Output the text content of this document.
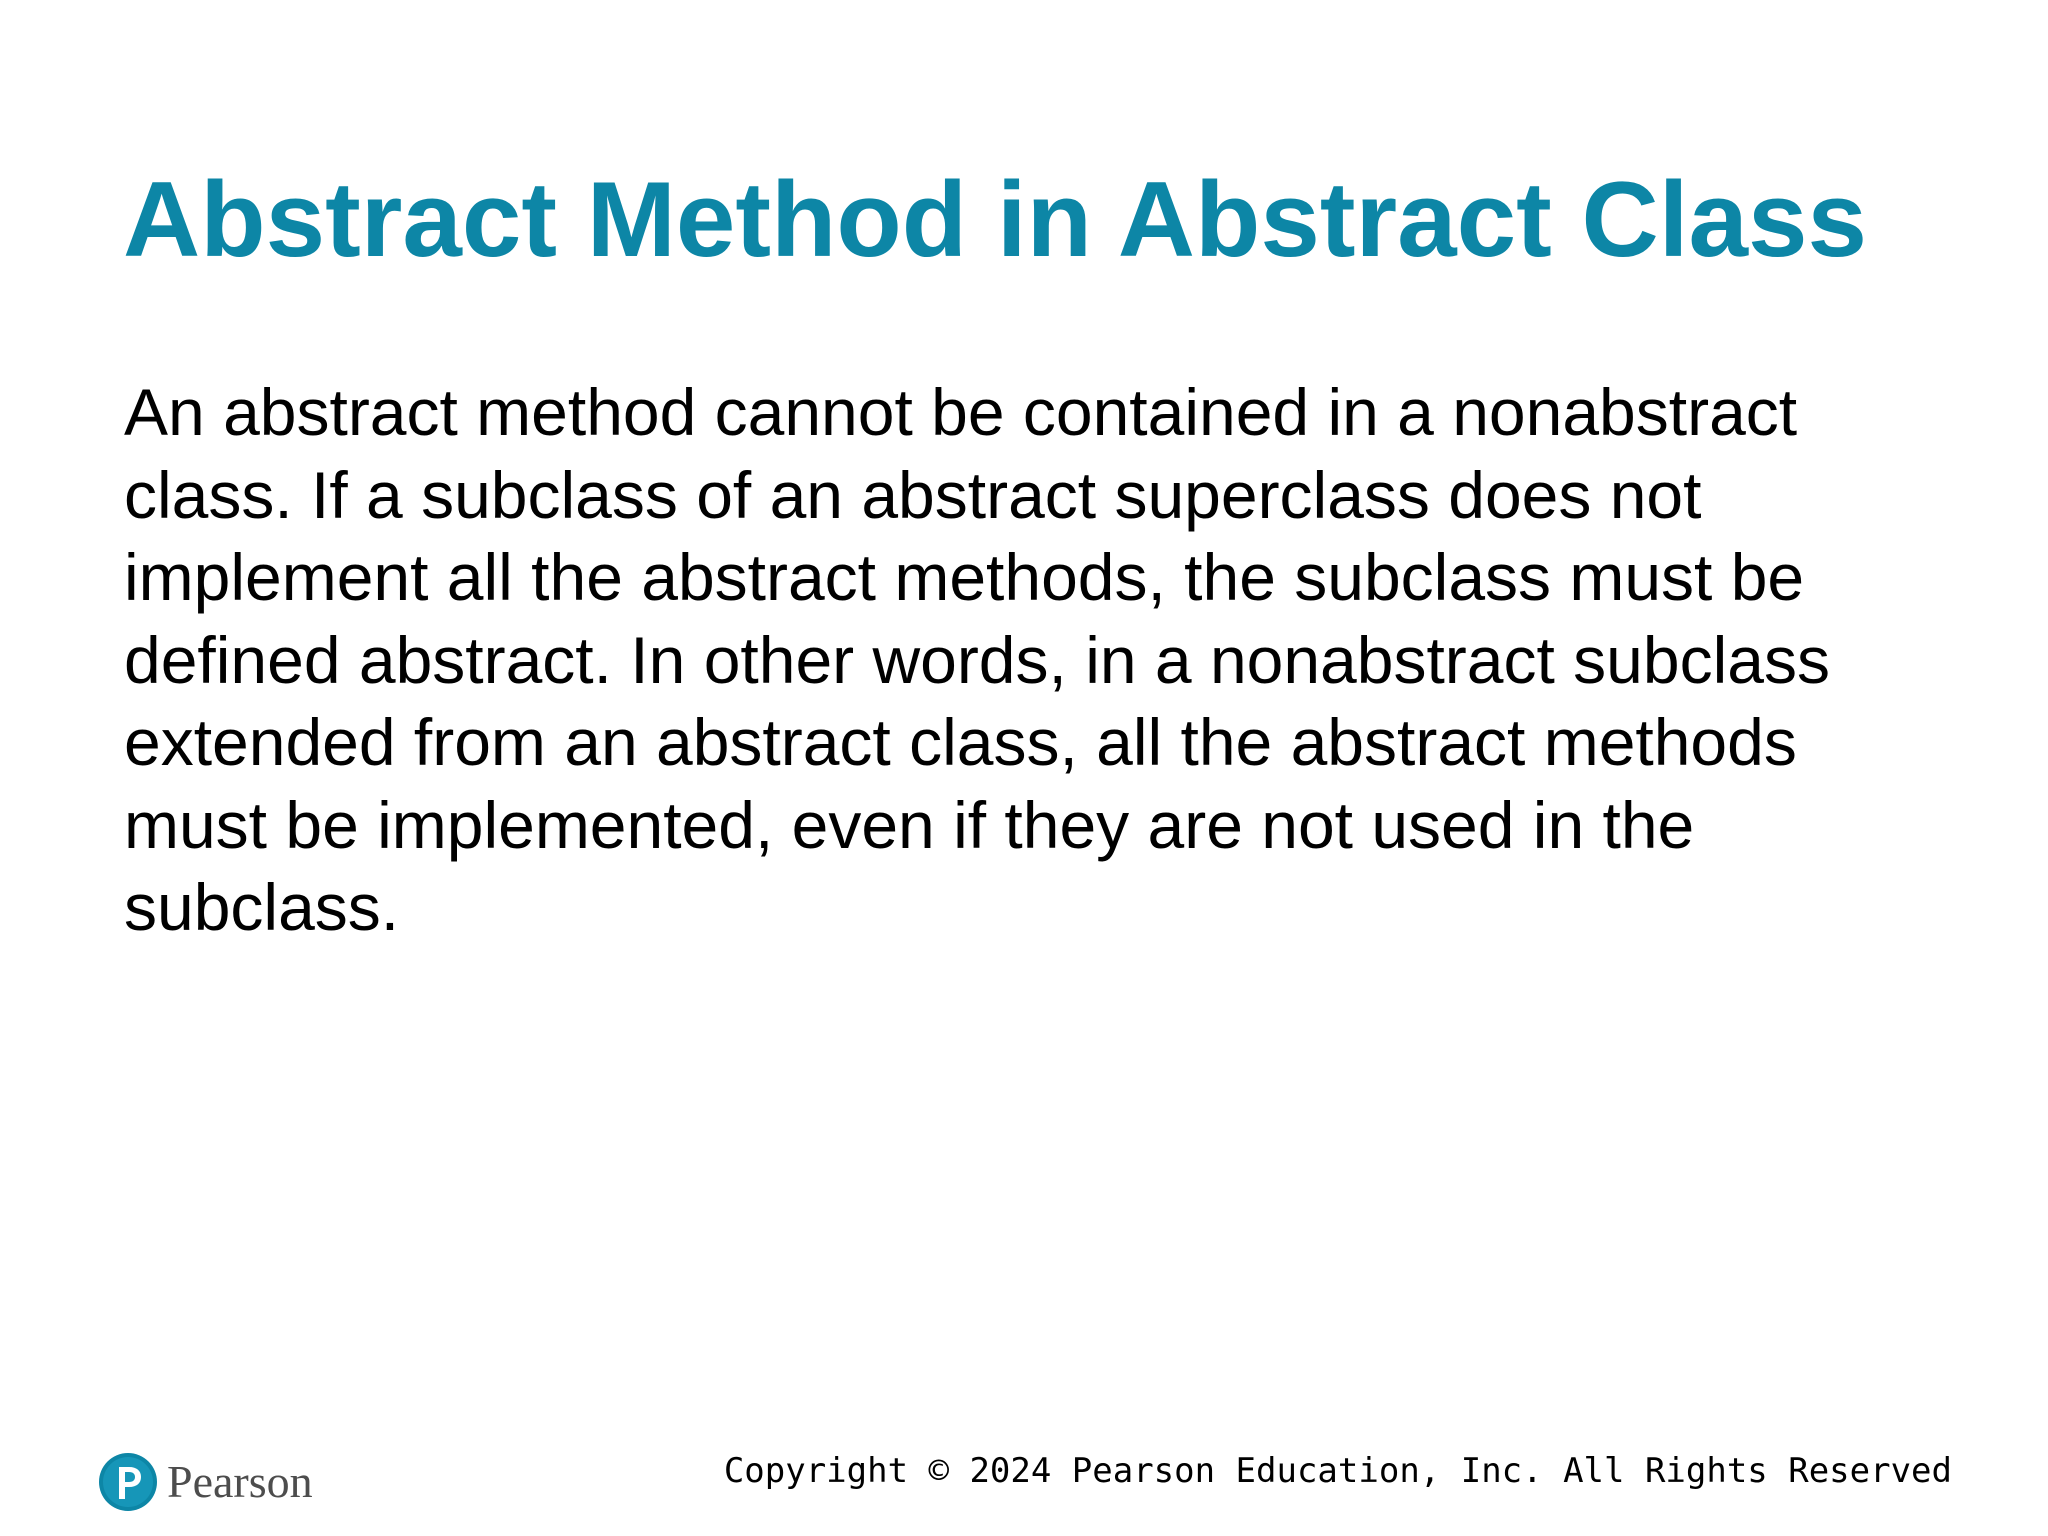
Abstract Method in Abstract Class

An abstract method cannot be contained in a nonabstract
class. If a subclass of an abstract superclass does not
implement all the abstract methods, the subclass must be
defined abstract. In other words, in a nonabstract subclass
extended from an abstract class, all the abstract methods
must be implemented, even if they are not used in the
subclass.

Pearson	Copyright © 2024 Pearson Education, Inc. All Rights Reserved
